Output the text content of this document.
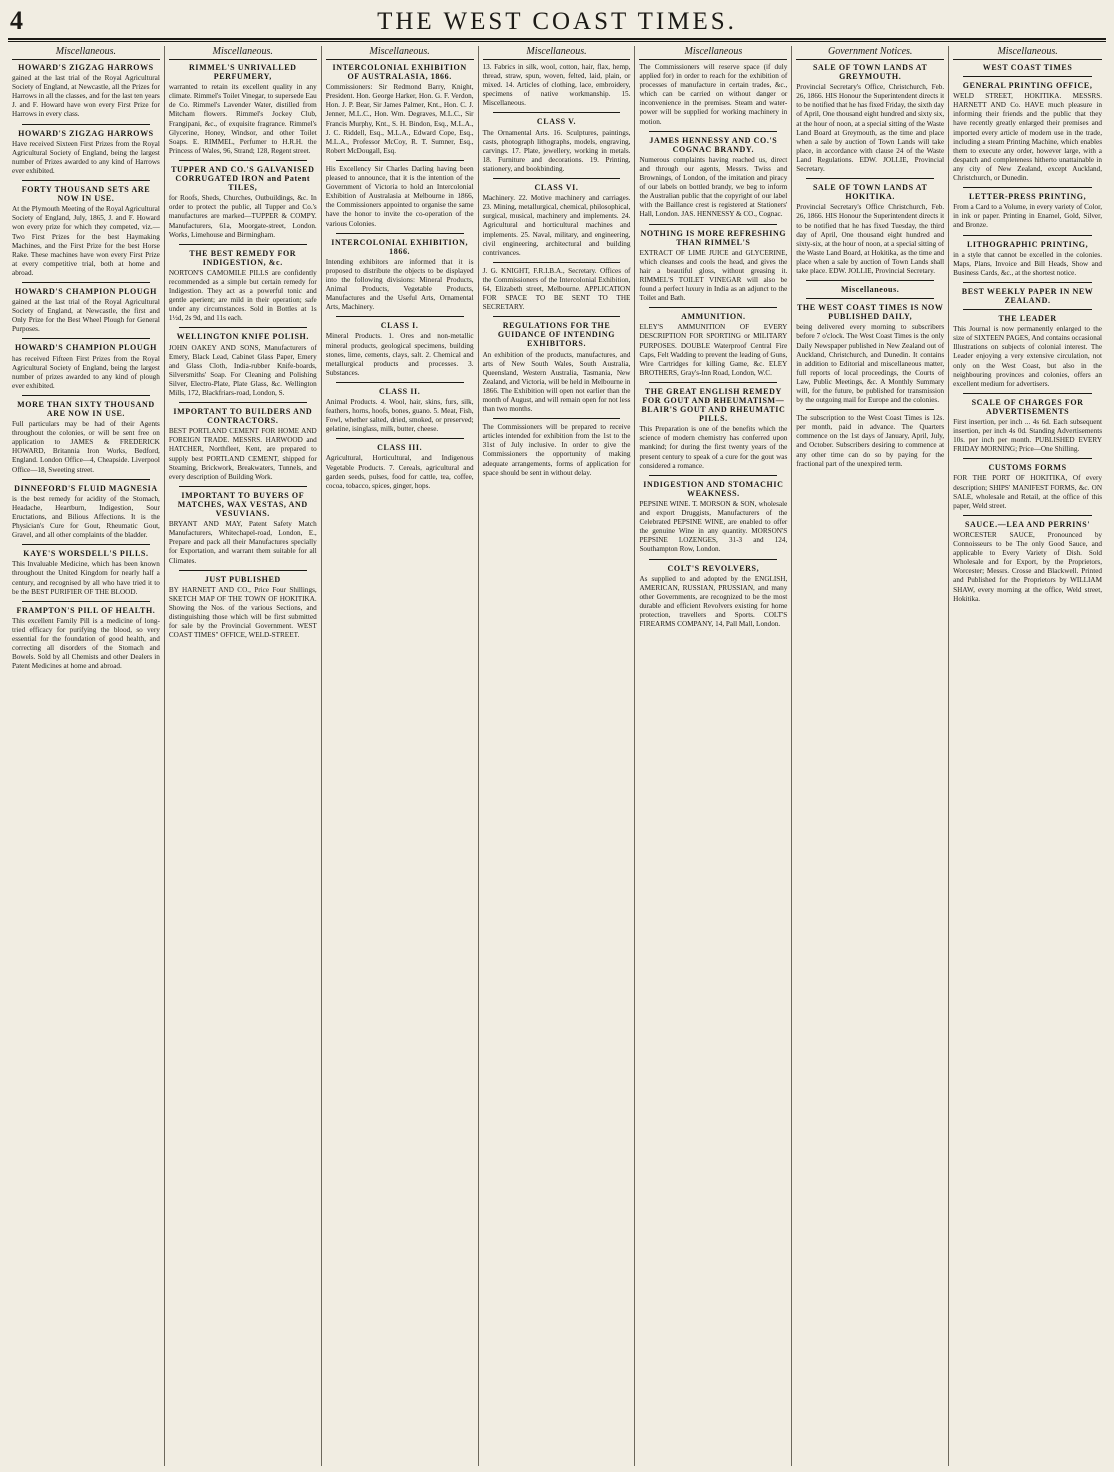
4	THE WEST COAST TIMES.
Miscellaneous.
HOWARD'S ZIGZAG HARROWS

gained at the last trial of the Royal Agricultural Society of England, at Newcastle, all the Prizes for Harrows in all the classes, and for the last ten years J. and F. Howard have won every First Prize for Harrows in every class.

HOWARD'S ZIGZAG HARROWS

Have received Sixteen First Prizes from the Royal Agricultural Society of England, being the largest number of Prizes awarded to any kind of Harrows ever exhibited.

FORTY THOUSAND SETS ARE NOW IN USE.

At the Plymouth Meeting of the Royal Agricultural Society of England, July, 1865, J. and F. Howard won every prize for which they competed, viz.—Two First Prizes for the best Haymaking Machines, and the First Prize for the best Horse Rake. These machines have won every First Prize at every competitive trial, both at home and abroad.

HOWARD'S CHAMPION PLOUGH

gained at the last trial of the Royal Agricultural Society of England, at Newcastle, the first and Only Prize for the Best Wheel Plough for General Purposes.

HOWARD'S CHAMPION PLOUGH

has received Fifteen First Prizes from the Royal Agricultural Society of England, being the largest number of prizes awarded to any kind of plough ever exhibited.

MORE THAN SIXTY THOUSAND ARE NOW IN USE.

Full particulars may be had of their Agents throughout the colonies, or will be sent free on application to JAMES & FREDERICK HOWARD, Britannia Iron Works, Bedford, England. London Office—4, Cheapside. Liverpool Office—18, Sweeting street.

DINNEFORD'S FLUID MAGNESIA

is the best remedy for acidity of the Stomach, Headache, Heartburn, Indigestion, Sour Eructations, and Bilious Affections. It is the Physician's Cure for Gout, Rheumatic Gout, Gravel, and all other complaints of the bladder.

KAYE'S WORSDELL'S PILLS.

This Invaluable Medicine, which has been known throughout the United Kingdom for nearly half a century, and recognised by all who have tried it to be the BEST PURIFIER OF THE BLOOD.

FRAMPTON'S PILL OF HEALTH.

This excellent Family Pill is a medicine of long-tried efficacy for purifying the blood, so very essential for the foundation of good health, and correcting all disorders of the Stomach and Bowels. Sold by all Chemists and other Dealers in Patent Medicines at home and abroad.

Miscellaneous.
RIMMEL'S UNRIVALLED PERFUMERY,

warranted to retain its excellent quality in any climate. Rimmel's Toilet Vinegar, to supersede Eau de Co. Rimmel's Lavender Water, distilled from Mitcham flowers. Rimmel's Jockey Club, Frangipani, &c., of exquisite fragrance. Rimmel's Glycerine, Honey, Windsor, and other Toilet Soaps. E. RIMMEL, Perfumer to H.R.H. the Princess of Wales, 96, Strand; 128, Regent street.

TUPPER AND CO.'S GALVANISED CORRUGATED IRON and Patent TILES,

for Roofs, Sheds, Churches, Outbuildings, &c. In order to protect the public, all Tupper and Co.'s manufactures are marked—TUPPER & COMPY. Manufacturers, 61a, Moorgate-street, London. Works, Limehouse and Birmingham.

THE BEST REMEDY FOR INDIGESTION, &c.

NORTON'S CAMOMILE PILLS are confidently recommended as a simple but certain remedy for Indigestion. They act as a powerful tonic and gentle aperient; are mild in their operation; safe under any circumstances. Sold in Bottles at 1s 1½d, 2s 9d, and 11s each.

WELLINGTON KNIFE POLISH.

JOHN OAKEY AND SONS, Manufacturers of Emery, Black Lead, Cabinet Glass Paper, Emery and Glass Cloth, India-rubber Knife-boards, Silversmiths' Soap. For Cleaning and Polishing Silver, Electro-Plate, Plate Glass, &c. Wellington Mills, 172, Blackfriars-road, London, S.

IMPORTANT TO BUILDERS AND CONTRACTORS.

BEST PORTLAND CEMENT FOR HOME AND FOREIGN TRADE. MESSRS. HARWOOD and HATCHER, Northfleet, Kent, are prepared to supply best PORTLAND CEMENT, shipped for Steaming, Brickwork, Breakwaters, Tunnels, and every description of Building Work.

IMPORTANT TO BUYERS OF MATCHES, WAX VESTAS, AND VESUVIANS.

BRYANT AND MAY, Patent Safety Match Manufacturers, Whitechapel-road, London, E., Prepare and pack all their Manufactures specially for Exportation, and warrant them suitable for all Climates.

JUST PUBLISHED

BY HARNETT AND CO., Price Four Shillings, SKETCH MAP OF THE TOWN OF HOKITIKA. Showing the Nos. of the various Sections, and distinguishing those which will be first submitted for sale by the Provincial Government. WEST COAST TIMES" OFFICE, WELD-STREET.

Miscellaneous.
INTERCOLONIAL EXHIBITION OF AUSTRALASIA, 1866.

Commissioners: Sir Redmond Barry, Knight, President. Hon. George Harker, Hon. G. F. Verdon, Hon. J. P. Bear, Sir James Palmer, Knt., Hon. C. J. Jenner, M.L.C., Hon. Wm. Degraves, M.L.C., Sir Francis Murphy, Knt., S. H. Bindon, Esq., M.L.A., J. C. Riddell, Esq., M.L.A., Edward Cope, Esq., M.L.A., Professor McCoy, R. T. Sumner, Esq., Robert McDougall, Esq.

His Excellency Sir Charles Darling having been pleased to announce, that it is the intention of the Government of Victoria to hold an Intercolonial Exhibition of Australasia at Melbourne in 1866, the Commissioners appointed to organise the same have the honor to invite the co-operation of the various Colonies.

INTERCOLONIAL EXHIBITION, 1866.

Intending exhibitors are informed that it is proposed to distribute the objects to be displayed into the following divisions: Mineral Products, Animal Products, Vegetable Products, Manufactures and the Useful Arts, Ornamental Arts, Machinery.

CLASS I.

Mineral Products. 1. Ores and non-metallic mineral products, geological specimens, building stones, lime, cements, clays, salt. 2. Chemical and metallurgical products and processes. 3. Substances.

CLASS II.

Animal Products. 4. Wool, hair, skins, furs, silk, feathers, horns, hoofs, bones, guano. 5. Meat, Fish, Fowl, whether salted, dried, smoked, or preserved; gelatine, isinglass, milk, butter, cheese.

CLASS III.

Agricultural, Horticultural, and Indigenous Vegetable Products. 7. Cereals, agricultural and garden seeds, pulses, food for cattle, tea, coffee, cocoa, tobacco, spices, ginger, hops.

Miscellaneous.

13. Fabrics in silk, wool, cotton, hair, flax, hemp, thread, straw, spun, woven, felted, laid, plain, or mixed. 14. Articles of clothing, lace, embroidery, specimens of native workmanship. 15. Miscellaneous.

CLASS V.

The Ornamental Arts. 16. Sculptures, paintings, casts, photograph lithographs, models, engraving, carvings. 17. Plate, jewellery, working in metals. 18. Furniture and decorations. 19. Printing, stationery, and bookbinding.

CLASS VI.

Machinery. 22. Motive machinery and carriages. 23. Mining, metallurgical, chemical, philosophical, surgical, musical, machinery and implements. 24. Agricultural and horticultural machines and implements. 25. Naval, military, and engineering, civil engineering, architectural and building contrivances.

J. G. KNIGHT, F.R.I.B.A., Secretary. Offices of the Commissioners of the Intercolonial Exhibition, 64, Elizabeth street, Melbourne. APPLICATION FOR SPACE TO BE SENT TO THE SECRETARY.

REGULATIONS FOR THE GUIDANCE OF INTENDING EXHIBITORS.

An exhibition of the products, manufactures, and arts of New South Wales, South Australia, Queensland, Western Australia, Tasmania, New Zealand, and Victoria, will be held in Melbourne in 1866. The Exhibition will open not earlier than the month of August, and will remain open for not less than two months.

The Commissioners will be prepared to receive articles intended for exhibition from the 1st to the 31st of July inclusive. In order to give the Commissioners the opportunity of making adequate arrangements, forms of application for space should be sent in without delay.

Miscellaneous

The Commissioners will reserve space (if duly applied for) in order to reach for the exhibition of processes of manufacture in certain trades, &c., which can be carried on without danger or inconvenience in the premises. Steam and water-power will be supplied for working machinery in motion.

JAMES HENNESSY AND CO.'S COGNAC BRANDY.

Numerous complaints having reached us, direct and through our agents, Messrs. Twiss and Brownings, of London, of the imitation and piracy of our labels on bottled brandy, we beg to inform the Australian public that the copyright of our label with the Baillance crest is registered at Stationers' Hall, London. JAS. HENNESSY & CO., Cognac.

NOTHING IS MORE REFRESHING THAN RIMMEL'S

EXTRACT OF LIME JUICE and GLYCERINE, which cleanses and cools the head, and gives the hair a beautiful gloss, without greasing it. RIMMEL'S TOILET VINEGAR will also be found a perfect luxury in India as an adjunct to the Toilet and Bath.

AMMUNITION.

ELEY'S AMMUNITION OF EVERY DESCRIPTION FOR SPORTING or MILITARY PURPOSES. DOUBLE Waterproof Central Fire Caps, Felt Wadding to prevent the leading of Guns, Wire Cartridges for killing Game, &c. ELEY BROTHERS, Gray's-Inn Road, London, W.C.

THE GREAT ENGLISH REMEDY FOR GOUT AND RHEUMATISM—BLAIR'S GOUT AND RHEUMATIC PILLS.

This Preparation is one of the benefits which the science of modern chemistry has conferred upon mankind; for during the first twenty years of the present century to speak of a cure for the gout was considered a romance.

INDIGESTION AND STOMACHIC WEAKNESS.

PEPSINE WINE. T. MORSON & SON, wholesale and export Druggists, Manufacturers of the Celebrated PEPSINE WINE, are enabled to offer the genuine Wine in any quantity. MORSON'S PEPSINE LOZENGES, 31-3 and 124, Southampton Row, London.

COLT'S REVOLVERS,

As supplied to and adopted by the ENGLISH, AMERICAN, RUSSIAN, PRUSSIAN, and many other Governments, are recognized to be the most durable and efficient Revolvers existing for home protection, travellers and Sports. COLT'S FIREARMS COMPANY, 14, Pall Mall, London.

Government Notices.
SALE OF TOWN LANDS AT GREYMOUTH.

Provincial Secretary's Office, Christchurch, Feb. 26, 1866. HIS Honour the Superintendent directs it to be notified that he has fixed Friday, the sixth day of April, One thousand eight hundred and sixty six, at the hour of noon, at a special sitting of the Waste Land Board at Greymouth, as the time and place when a sale by auction of Town Lands will take place, in accordance with clause 24 of the Waste Land Regulations. EDW. JOLLIE, Provincial Secretary.

SALE OF TOWN LANDS AT HOKITIKA.

Provincial Secretary's Office Christchurch, Feb. 26, 1866. HIS Honour the Superintendent directs it to be notified that he has fixed Tuesday, the third day of April, One thousand eight hundred and sixty-six, at the hour of noon, at a special sitting of the Waste Land Board, at Hokitika, as the time and place when a sale by auction of Town Lands shall take place. EDW. JOLLIE, Provincial Secretary.

Miscellaneous.
THE WEST COAST TIMES IS NOW PUBLISHED DAILY,

being delivered every morning to subscribers before 7 o'clock. The West Coast Times is the only Daily Newspaper published in New Zealand out of Auckland, Christchurch, and Dunedin. It contains in addition to Editorial and miscellaneous matter, full reports of local proceedings, the Courts of Law, Public Meetings, &c. A Monthly Summary will, for the future, be published for transmission by the outgoing mail for Europe and the colonies.

The subscription to the West Coast Times is 12s. per month, paid in advance. The Quarters commence on the 1st days of January, April, July, and October. Subscribers desiring to commence at any other time can do so by paying for the fractional part of the unexpired term.

Miscellaneous.
WEST COAST TIMES
GENERAL PRINTING OFFICE,

WELD STREET, HOKITIKA. MESSRS. HARNETT AND Co. HAVE much pleasure in informing their friends and the public that they have recently greatly enlarged their premises and imported every article of modern use in the trade, including a steam Printing Machine, which enables them to execute any order, however large, with a despatch and completeness hitherto unattainable in any city of New Zealand, except Auckland, Christchurch, or Dunedin.

LETTER-PRESS PRINTING,

From a Card to a Volume, in every variety of Color, in ink or paper. Printing in Enamel, Gold, Silver, and Bronze.

LITHOGRAPHIC PRINTING,

in a style that cannot be excelled in the colonies. Maps, Plans, Invoice and Bill Heads, Show and Business Cards, &c., at the shortest notice.

BEST WEEKLY PAPER IN NEW ZEALAND.
THE LEADER

This Journal is now permanently enlarged to the size of SIXTEEN PAGES, And contains occasional Illustrations on subjects of colonial interest. The Leader enjoying a very extensive circulation, not only on the West Coast, but also in the neighbouring provinces and colonies, offers an excellent medium for advertisers.

SCALE OF CHARGES FOR ADVERTISEMENTS

First insertion, per inch ... 4s 6d. Each subsequent insertion, per inch 4s 0d. Standing Advertisements 10s. per inch per month. PUBLISHED EVERY FRIDAY MORNING; Price—One Shilling.

CUSTOMS FORMS

FOR THE PORT OF HOKITIKA, Of every description; SHIPS' MANIFEST FORMS, &c. ON SALE, wholesale and Retail, at the office of this paper, Weld street.

SAUCE.—LEA AND PERRINS'

WORCESTER SAUCE, Pronounced by Connoisseurs to be The only Good Sauce, and applicable to Every Variety of Dish. Sold Wholesale and for Export, by the Proprietors, Worcester; Messrs. Crosse and Blackwell. Printed and Published for the Proprietors by WILLIAM SHAW, every morning at the office, Weld street, Hokitika.
